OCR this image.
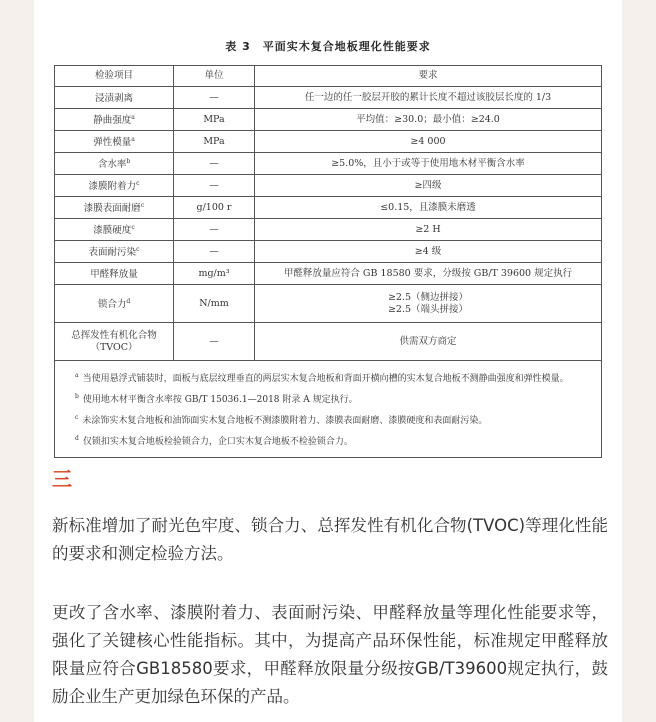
表 3　平面实木复合地板理化性能要求
检验项目	单位	要求
浸渍剥离	—	任一边的任一胶层开胶的累计长度不超过该胶层长度的 1/3
静曲强度$^a$	MPa	平均值：≥30.0；最小值：≥24.0
弹性模量$^a$	MPa	≥4 000
含水率$^b$	—	≥5.0%，且小于或等于使用地木材平衡含水率
漆膜附着力$^c$	—	≥四级
漆膜表面耐磨$^c$	g/100 r	≤0.15，且漆膜未磨透
漆膜硬度$^c$	—	≥2 H
表面耐污染$^c$	—	≥4 级
甲醛释放量	mg/m³	甲醛释放量应符合 GB 18580 要求，分级按 GB/T 39600 规定执行
锁合力$^d$	N/mm	≥2.5（侧边拼接）
≥2.5（端头拼接）

总挥发性有机化合物
（TVOC）	—	供需双方商定

$^a$ 当使用悬浮式铺装时，面板与底层纹理垂直的两层实木复合地板和背面开横向槽的实木复合地板不测静曲强度和弹性模量。
$^b$ 使用地木材平衡含水率按 GB/T 15036.1—2018 附录 A 规定执行。
$^c$ 未涂饰实木复合地板和油饰面实木复合地板不测漆膜附着力、漆膜表面耐磨、漆膜硬度和表面耐污染。
$^d$ 仅锁扣实木复合地板检验锁合力，企口实木复合地板不检验锁合力。		
三
新标准增加了耐光色牢度、锁合力、总挥发性有机化合物(TVOC)等理化性能的要求和测定检验方法。
更改了含水率、漆膜附着力、表面耐污染、甲醛释放量等理化性能要求等，强化了关键核心性能指标。其中，为提高产品环保性能，标准规定甲醛释放限量应符合GB18580要求，甲醛释放限量分级按GB/T39600规定执行，鼓励企业生产更加绿色环保的产品。
